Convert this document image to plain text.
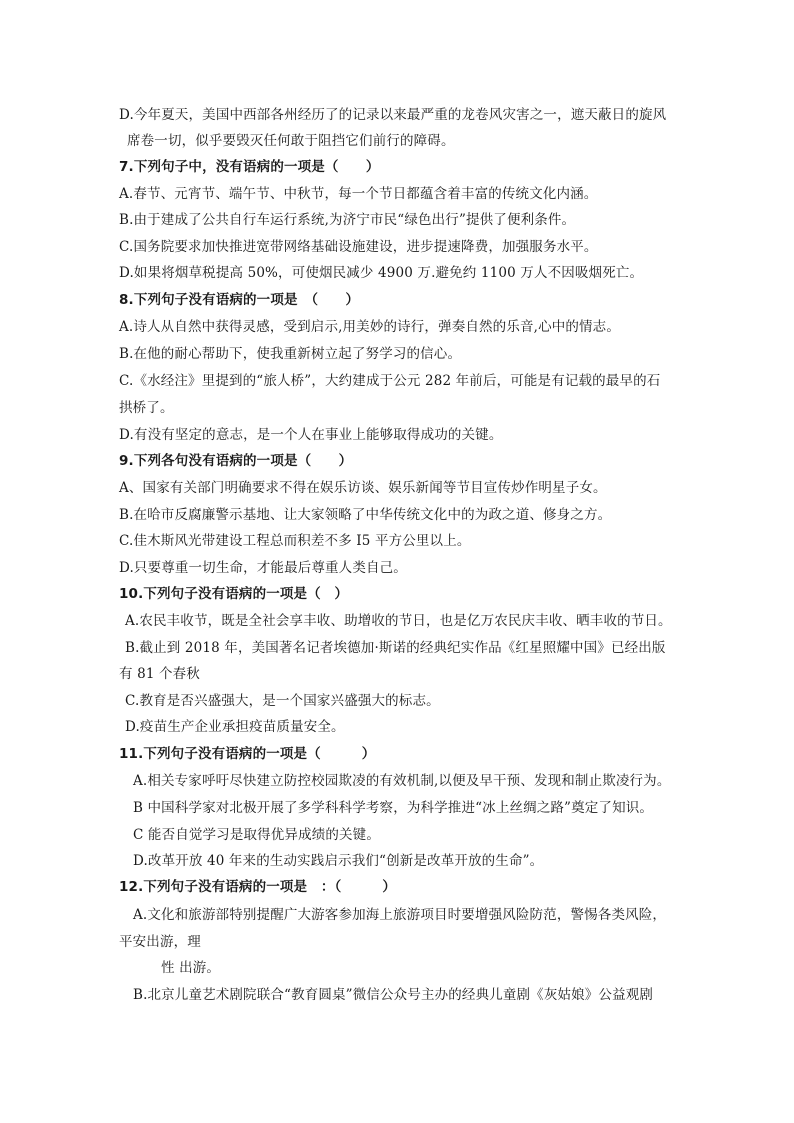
D.今年夏天，美国中西部各州经历了的记录以来最严重的龙卷风灾害之一，遮天蔽日的旋风
席卷一切，似乎要毁灭任何敢于阻挡它们前行的障碍。
7.下列句子中，没有语病的一项是（　　）
A.春节、元宵节、端午节、中秋节，每一个节日都蕴含着丰富的传统文化内涵。
B.由于建成了公共自行车运行系统,为济宁市民“绿色出行”提供了便利条件。
C.国务院要求加快推进宽带网络基础设施建设，进步提速降费，加强服务水平。
D.如果将烟草税提高 50%，可使烟民减少 4900 万.避免约 1100 万人不因吸烟死亡。
8.下列句子没有语病的一项是　（　　）
A.诗人从自然中获得灵感，受到启示,用美妙的诗行，弹奏自然的乐音,心中的情志。
B.在他的耐心帮助下，使我重新树立起了努学习的信心。
C.《水经注》里提到的“旅人桥”，大约建成于公元 282 年前后，可能是有记载的最早的石
拱桥了。
D.有没有坚定的意志，是一个人在事业上能够取得成功的关键。
9.下列各句没有语病的一项是（　　）
A、国家有关部门明确要求不得在娱乐访谈、娱乐新闻等节目宣传炒作明星子女。
B.在哈市反腐廉警示基地、让大家领略了中华传统文化中的为政之道、修身之方。
C.佳木斯风光带建设工程总而积差不多 I5 平方公里以上。
D.只要尊重一切生命，才能最后尊重人类自己。
10.下列句子没有语病的一项是（　）
A.农民丰收节，既是全社会享丰收、助增收的节日，也是亿万农民庆丰收、晒丰收的节日。
B.截止到 2018 年，美国著名记者埃德加·斯诺的经典纪实作品《红星照耀中国》已经出版
有 81 个春秋
C.教育是否兴盛强大，是一个国家兴盛强大的标志。
D.疫苗生产企业承担疫苗质量安全。
11.下列句子没有语病的一项是（　　　）
A.相关专家呼吁尽快建立防控校园欺凌的有效机制,以便及早干预、发现和制止欺凌行为。
B 中国科学家对北极开展了多学科科学考察，为科学推进“冰上丝绸之路”奠定了知识。
C 能否自觉学习是取得优异成绩的关键。
D.改革开放 40 年来的生动实践启示我们“创新是改革开放的生命”。
12.下列句子没有语病的一项是　：（　　　）
A.文化和旅游部特别提醒广大游客参加海上旅游项目时要增强风险防范，警惕各类风险，
平安出游，理
性 出游。
B.北京儿童艺术剧院联合“教育圆桌”微信公众号主办的经典儿童剧《灰姑娘》公益观剧
